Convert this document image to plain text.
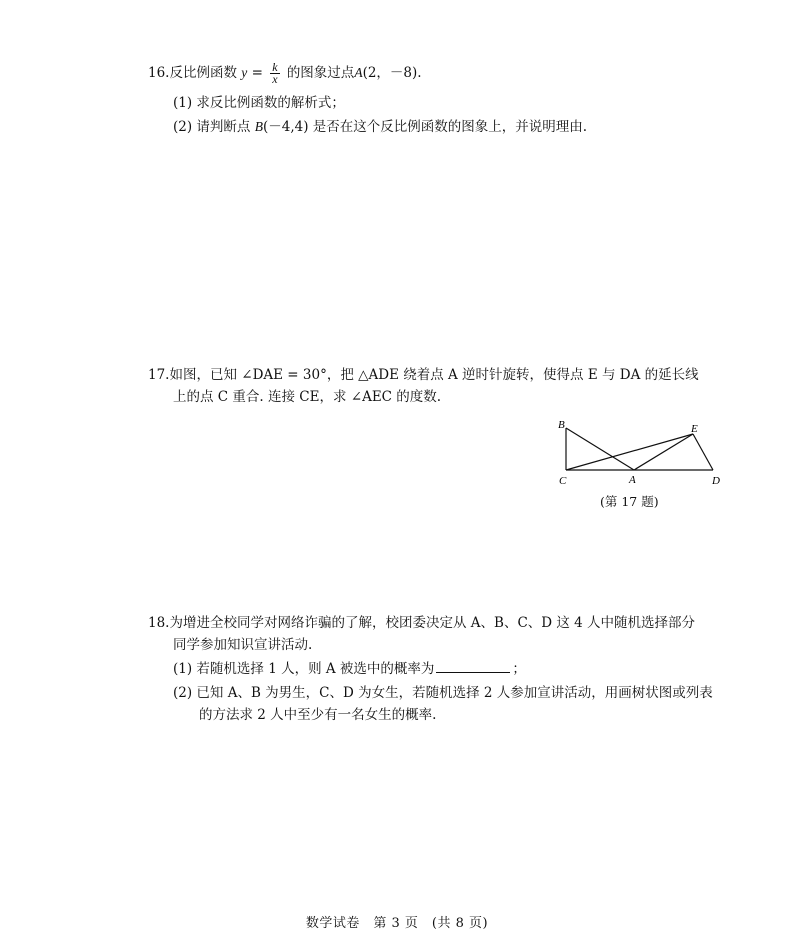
16.反比例函数 $y = \frac{k}{x}$ 的图象过点A(2，－8).
(1) 求反比例函数的解析式；
(2) 请判断点 B(－4,4) 是否在这个反比例函数的图象上，并说明理由.
17.如图，已知 ∠DAE = 30°，把 △ADE 绕着点 A 逆时针旋转，使得点 E 与 DA 的延长线
上的点 C 重合. 连接 CE，求 ∠AEC 的度数.
B	E
C	A	D
(第 17 题)
18.为增进全校同学对网络诈骗的了解，校团委决定从 A、B、C、D 这 4 人中随机选择部分
同学参加知识宣讲活动.
(1) 若随机选择 1 人，则 A 被选中的概率为	；
(2) 已知 A、B 为男生，C、D 为女生，若随机选择 2 人参加宣讲活动，用画树状图或列表
的方法求 2 人中至少有一名女生的概率.
数学试卷　第 3 页　(共 8 页)
